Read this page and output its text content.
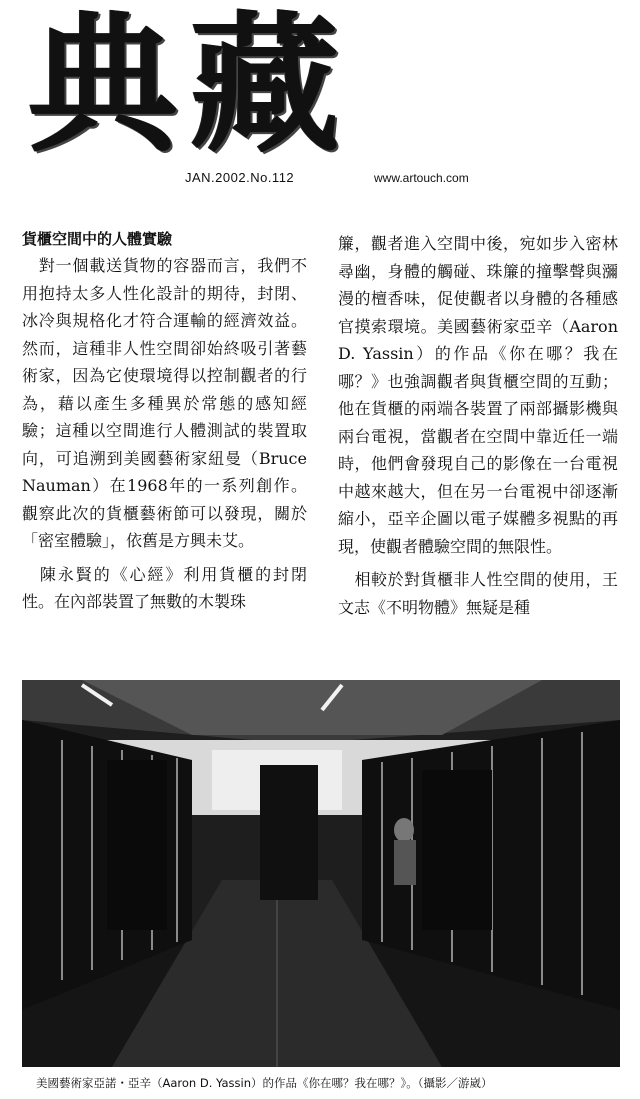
典 藏
JAN.2002.No.112	www.artouch.com
貨櫃空間中的人體實驗

對一個載送貨物的容器而言，我們不用抱持太多人性化設計的期待，封閉、冰冷與規格化才符合運輸的經濟效益。然而，這種非人性空間卻始終吸引著藝術家，因為它使環境得以控制觀者的行為，藉以產生多種異於常態的感知經驗；這種以空間進行人體測試的裝置取向，可追溯到美國藝術家紐曼（Bruce Nauman）在1968年的一系列創作。觀察此次的貨櫃藝術節可以發現，關於「密室體驗」，依舊是方興未艾。

陳永賢的《心經》利用貨櫃的封閉性。在內部裝置了無數的木製珠

簾，觀者進入空間中後，宛如步入密林尋幽，身體的觸碰、珠簾的撞擊聲與瀰漫的檀香味，促使觀者以身體的各種感官摸索環境。美國藝術家亞辛（Aaron D. Yassin）的作品《你在哪？我在哪？》也強調觀者與貨櫃空間的互動；他在貨櫃的兩端各裝置了兩部攝影機與兩台電視，當觀者在空間中靠近任一端時，他們會發現自己的影像在一台電視中越來越大，但在另一台電視中卻逐漸縮小，亞辛企圖以電子媒體多視點的再現，使觀者體驗空間的無限性。

相較於對貨櫃非人性空間的使用，王文志《不明物體》無疑是種

美國藝術家亞諾・亞辛（Aaron D. Yassin）的作品《你在哪？我在哪？》。（攝影／游崴）
